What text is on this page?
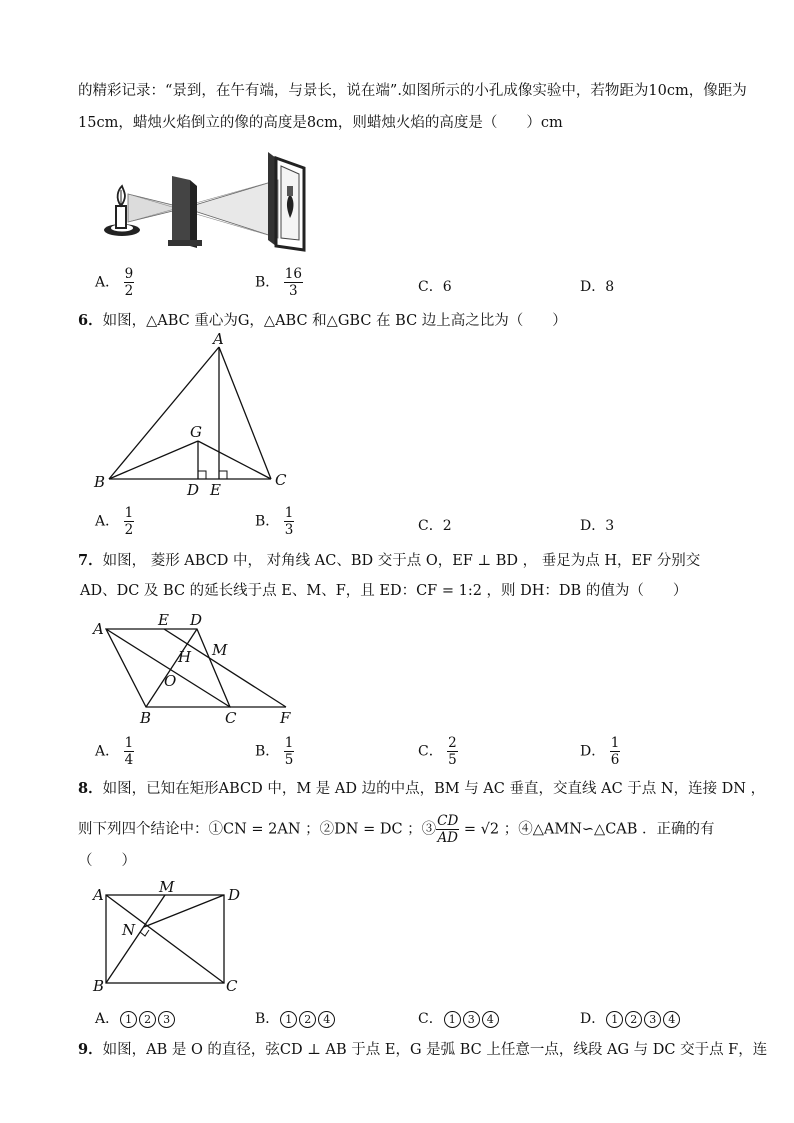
的精彩记录：“景到，在午有端，与景长，说在端”.如图所示的小孔成像实验中，若物距为10cm，像距为
15cm，蜡烛火焰倒立的像的高度是8cm，则蜡烛火焰的高度是（　　）cm
A． $\frac{9}{2}$	B． $\frac{16}{3}$	C．6	D．8
6．如图，△ABC 重心为G，△ABC 和△GBC 在 BC 边上高之比为（　　）
A
G
B	D E
C
A． $\frac{1}{2}$	B． $\frac{1}{3}$	C．2	D．3
7．如图， 菱形 ABCD 中， 对角线 AC、BD 交于点 O，EF ⊥ BD ， 垂足为点 H，EF 分别交
AD、DC 及 BC 的延长线于点 E、M、F，且 ED：CF = 1:2 ，则 DH：DB 的值为（　　）
A	E D
M
H
O
B	C	F
A． $\frac{1}{4}$	B． $\frac{1}{5}$	C． $\frac{2}{5}$	D． $\frac{1}{6}$
8．如图，已知在矩形ABCD 中，M 是 AD 边的中点，BM 与 AC 垂直，交直线 AC 于点 N，连接 DN ，
则下列四个结论中：①CN = 2AN ；②DN = DC ；③ $\frac{CD}{AD} = √2$ ；④△AMN∽△CAB ．正确的有
（　　）
A	M	D
N
B	C
A． 1 2 3	B． 1 2 4	C． 1 3 4	D． 1 2 3 4
9．如图，AB 是 O 的直径，弦CD ⊥ AB 于点 E，G 是弧 BC 上任意一点，线段 AG 与 DC 交于点 F，连
